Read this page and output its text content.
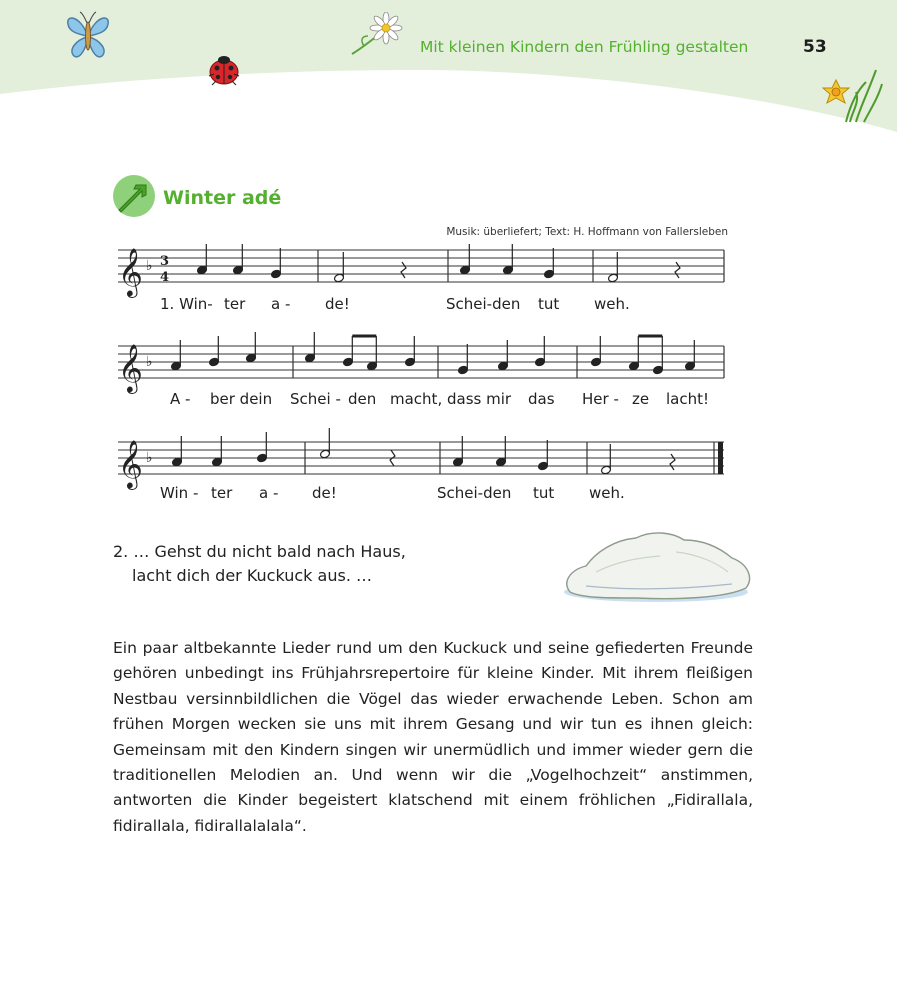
Mit kleinen Kindern den Frühling gestalten	53
Winter adé
Musik: überliefert; Text: H. Hoffmann von Fallersleben
𝄞 ♭ 3
4
1. Win- ter a - de!	Schei-den tut weh.
𝄞 ♭
A - ber dein Schei - den macht, dass mir das Her - ze lacht!
𝄞 ♭
Win - ter a - de!	Schei-den tut weh.
2. … Gehst du nicht bald nach Haus,
lacht dich der Kuckuck aus. …

Ein paar altbekannte Lieder rund um den Kuckuck und seine gefiederten Freunde gehören unbedingt ins Frühjahrsrepertoire für kleine Kinder. Mit ihrem fleißigen Nestbau versinnbildlichen die Vögel das wieder erwachende Leben. Schon am frühen Morgen wecken sie uns mit ihrem Gesang und wir tun es ihnen gleich: Gemeinsam mit den Kindern singen wir unermüdlich und immer wieder gern die traditionellen Melodien an. Und wenn wir die „Vogelhochzeit“ anstimmen, antworten die Kinder begeistert klatschend mit einem fröhlichen „Fidirallala, fidirallala, fidirallalalala“.
